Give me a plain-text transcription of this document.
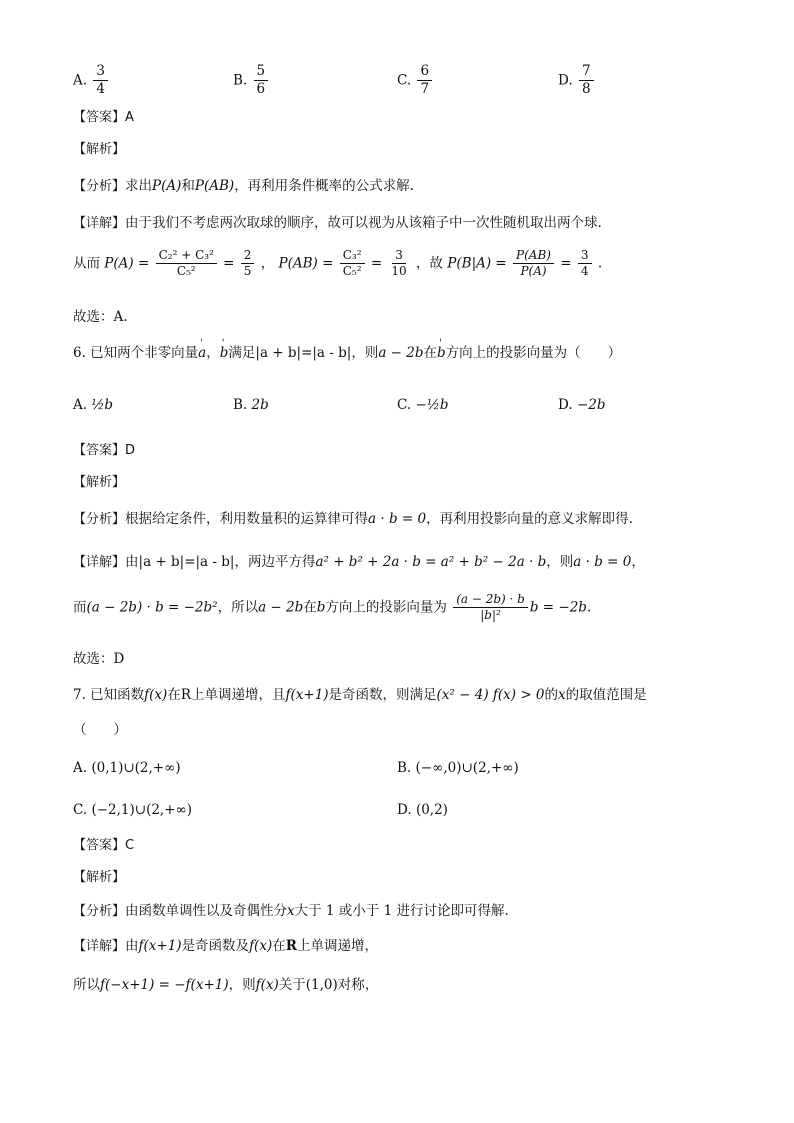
A. $\frac{3}{4}$	B. $\frac{5}{6}$	C. $\frac{6}{7}$	D. $\frac{7}{8}$
【答案】A
【解析】
【分析】求出P(A)和P(AB)，再利用条件概率的公式求解.
【详解】由于我们不考虑两次取球的顺序，故可以视为从该箱子中一次性随机取出两个球.
从而 $P(A) = \frac{\text{C₂² + C₃²}}{\text{C₅²}} = \frac{2}{5}$ ， $P(AB) = \frac{\text{C₃²}}{\text{C₅²}} = \frac{3}{10}$ ，故 $P(B|A) = \frac{P(AB)}{P(A)} = \frac{3}{4}$ .
故选：A.
6. 已知两个非零向量' a，' b满足|a + b|=|a - b|，则a − 2b在' b方向上的投影向量为（　　）
A. ½b	B. 2b	C. −½b	D. −2b
【答案】D
【解析】
【分析】根据给定条件，利用数量积的运算律可得a · b = 0，再利用投影向量的意义求解即得.
【详解】由|a + b|=|a - b|，两边平方得a² + b² + 2a · b = a² + b² − 2a · b，则a · b = 0，
而(a − 2b) · b = −2b²，所以a − 2b在b方向上的投影向量为 $\frac{(a - 2b) \cdot b}{\text{|b|²}}$ b = −2b.
故选：D
7. 已知函数f(x)在R上单调递增，且f(x+1)是奇函数，则满足(x² − 4) f(x) > 0的x的取值范围是
（　　）
A. (0,1)∪(2,+∞)	B. (−∞,0)∪(2,+∞)
C. (−2,1)∪(2,+∞)	D. (0,2)
【答案】C
【解析】
【分析】由函数单调性以及奇偶性分x大于 1 或小于 1 进行讨论即可得解.
【详解】由f(x+1)是奇函数及f(x)在R上单调递增，
所以f(−x+1) = −f(x+1)，则f(x)关于(1,0)对称，
